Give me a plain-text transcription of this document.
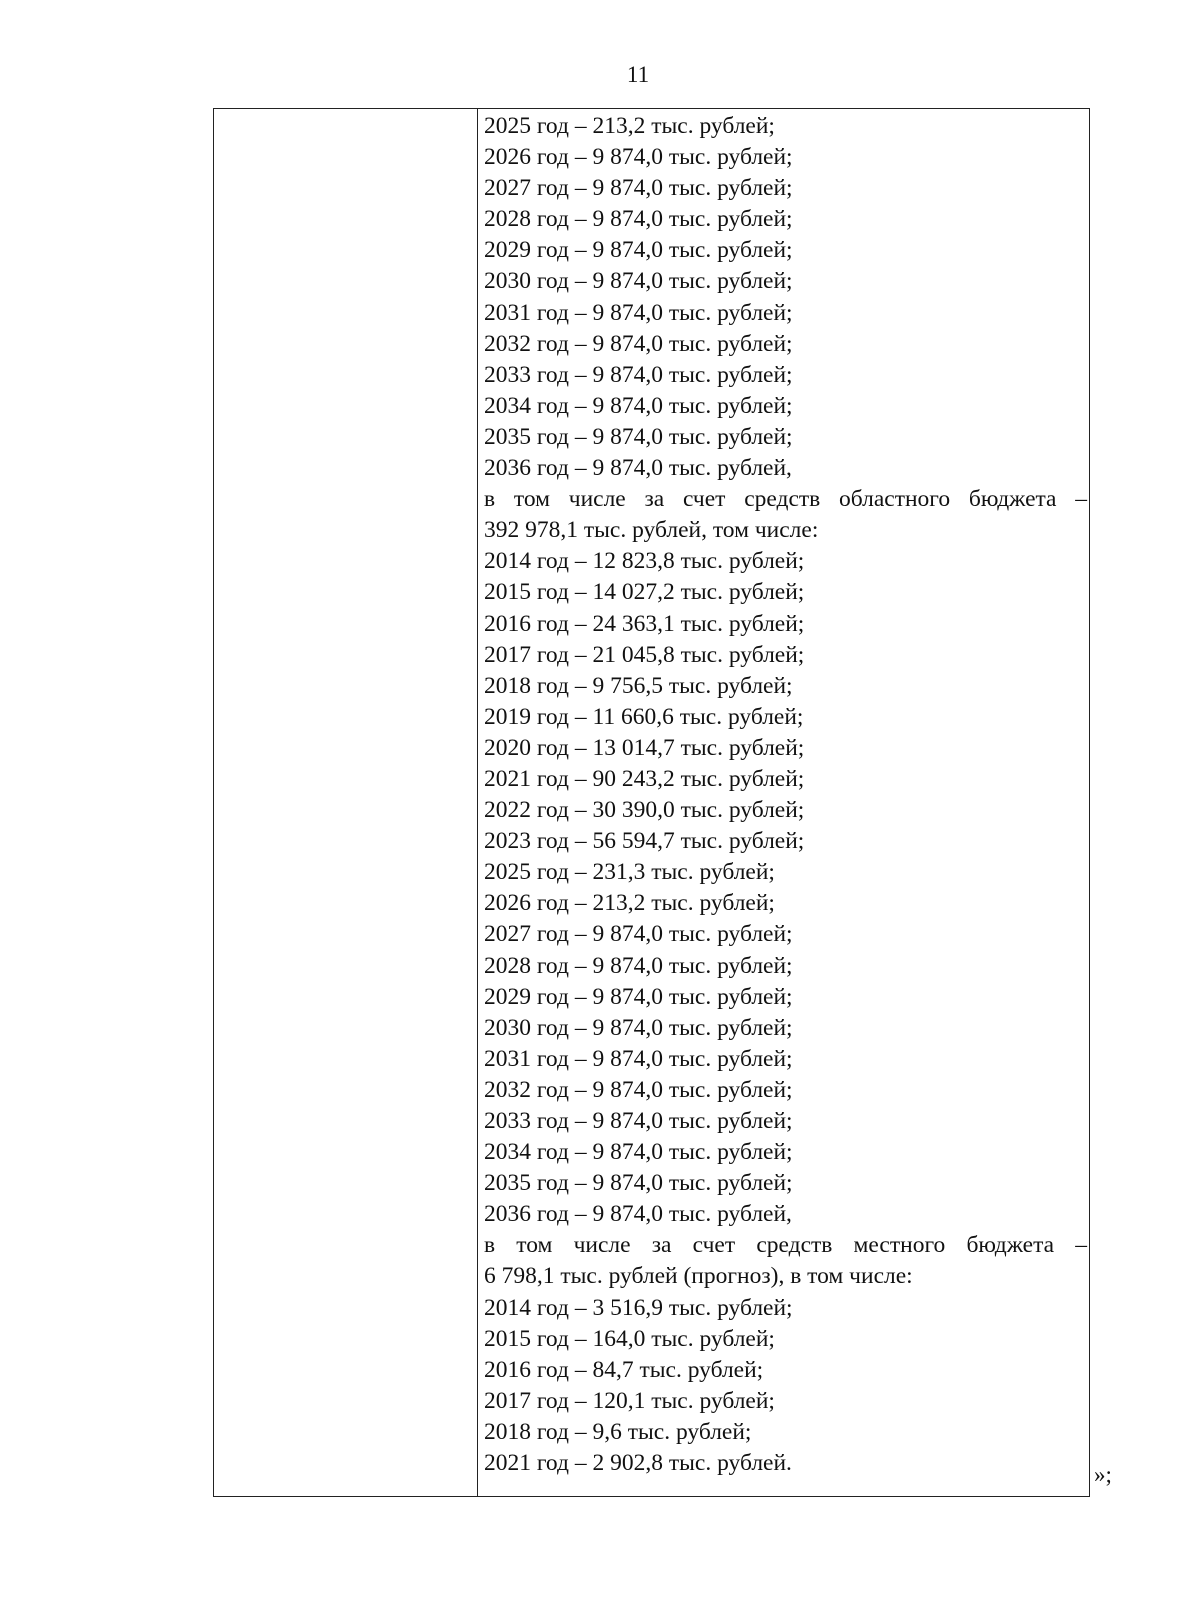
11
2025 год – 213,2 тыс. рублей;
2026 год – 9 874,0 тыс. рублей;
2027 год – 9 874,0 тыс. рублей;
2028 год – 9 874,0 тыс. рублей;
2029 год – 9 874,0 тыс. рублей;
2030 год – 9 874,0 тыс. рублей;
2031 год – 9 874,0 тыс. рублей;
2032 год – 9 874,0 тыс. рублей;
2033 год – 9 874,0 тыс. рублей;
2034 год – 9 874,0 тыс. рублей;
2035 год – 9 874,0 тыс. рублей;
2036 год – 9 874,0 тыс. рублей,
в том числе за счет средств областного бюджета –
392 978,1 тыс. рублей, том числе:
2014 год – 12 823,8 тыс. рублей;
2015 год – 14 027,2 тыс. рублей;
2016 год – 24 363,1 тыс. рублей;
2017 год – 21 045,8 тыс. рублей;
2018 год – 9 756,5 тыс. рублей;
2019 год – 11 660,6 тыс. рублей;
2020 год – 13 014,7 тыс. рублей;
2021 год – 90 243,2 тыс. рублей;
2022 год – 30 390,0 тыс. рублей;
2023 год – 56 594,7 тыс. рублей;
2025 год – 231,3 тыс. рублей;
2026 год – 213,2 тыс. рублей;
2027 год – 9 874,0 тыс. рублей;
2028 год – 9 874,0 тыс. рублей;
2029 год – 9 874,0 тыс. рублей;
2030 год – 9 874,0 тыс. рублей;
2031 год – 9 874,0 тыс. рублей;
2032 год – 9 874,0 тыс. рублей;
2033 год – 9 874,0 тыс. рублей;
2034 год – 9 874,0 тыс. рублей;
2035 год – 9 874,0 тыс. рублей;
2036 год – 9 874,0 тыс. рублей,
в том числе за счет средств местного бюджета –
6 798,1 тыс. рублей (прогноз), в том числе:
2014 год – 3 516,9 тыс. рублей;
2015 год – 164,0 тыс. рублей;
2016 год – 84,7 тыс. рублей;
2017 год – 120,1 тыс. рублей;
2018 год – 9,6 тыс. рублей;
2021 год – 2 902,8 тыс. рублей.	»;
